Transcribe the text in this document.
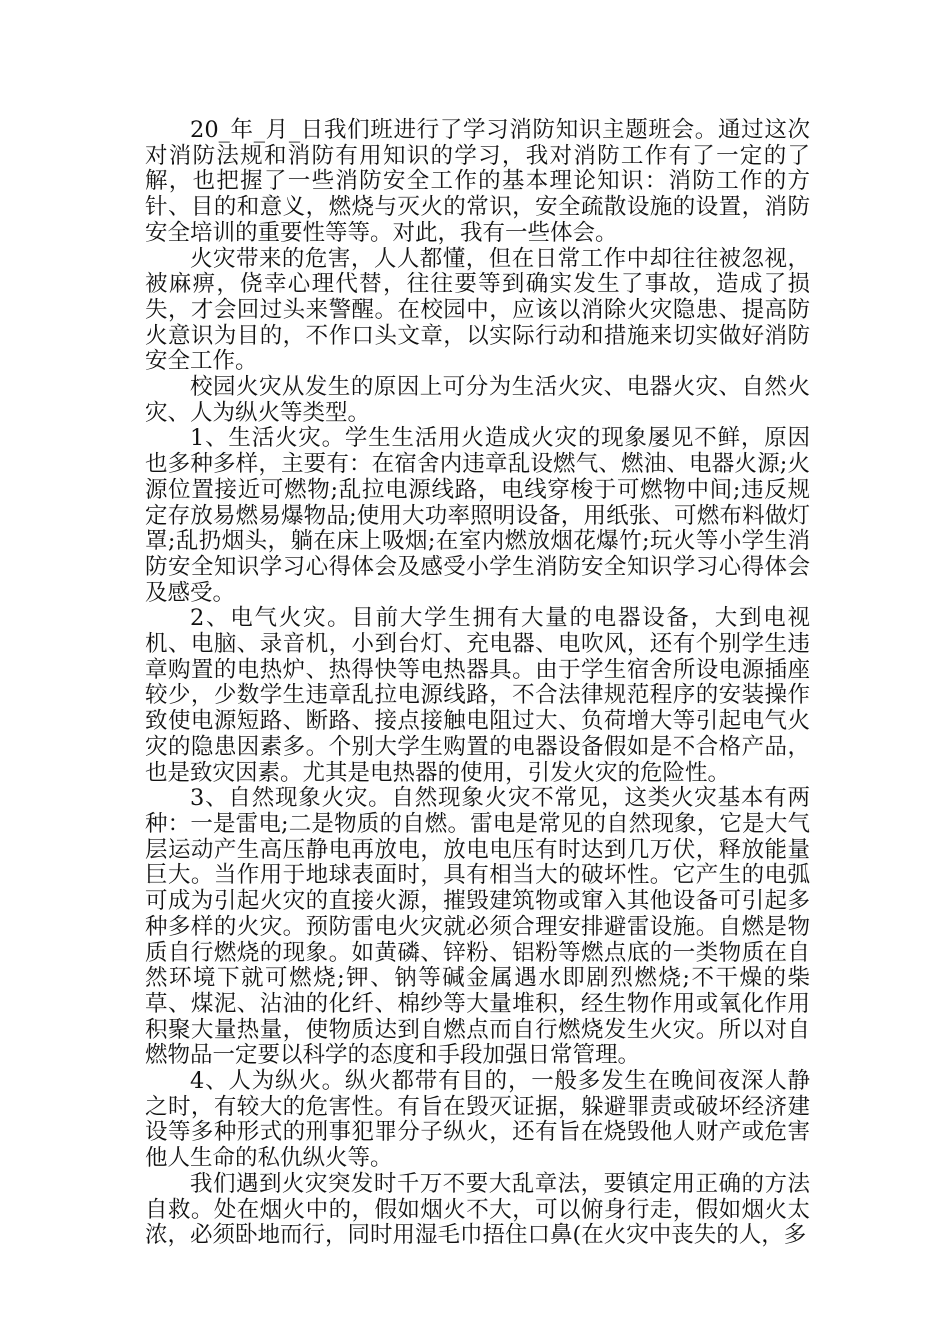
20_年_月_日我们班进行了学习消防知识主题班会。通过这次对消防法规和消防有用知识的学习，我对消防工作有了一定的了解，也把握了一些消防安全工作的基本理论知识：消防工作的方针、目的和意义，燃烧与灭火的常识，安全疏散设施的设置，消防安全培训的重要性等等。对此，我有一些体会。

火灾带来的危害，人人都懂，但在日常工作中却往往被忽视，被麻痹，侥幸心理代替，往往要等到确实发生了事故，造成了损失，才会回过头来警醒。在校园中，应该以消除火灾隐患、提高防火意识为目的，不作口头文章，以实际行动和措施来切实做好消防安全工作。

校园火灾从发生的原因上可分为生活火灾、电器火灾、自然火灾、人为纵火等类型。

1、生活火灾。学生生活用火造成火灾的现象屡见不鲜，原因也多种多样，主要有：在宿舍内违章乱设燃气、燃油、电器火源;火源位置接近可燃物;乱拉电源线路，电线穿梭于可燃物中间;违反规定存放易燃易爆物品;使用大功率照明设备，用纸张、可燃布料做灯罩;乱扔烟头，躺在床上吸烟;在室内燃放烟花爆竹;玩火等小学生消防安全知识学习心得体会及感受小学生消防安全知识学习心得体会及感受。

2、电气火灾。目前大学生拥有大量的电器设备，大到电视机、电脑、录音机，小到台灯、充电器、电吹风，还有个别学生违章购置的电热炉、热得快等电热器具。由于学生宿舍所设电源插座较少，少数学生违章乱拉电源线路，不合法律规范程序的安装操作致使电源短路、断路、接点接触电阻过大、负荷增大等引起电气火灾的隐患因素多。个别大学生购置的电器设备假如是不合格产品，也是致灾因素。尤其是电热器的使用，引发火灾的危险性。

3、自然现象火灾。自然现象火灾不常见，这类火灾基本有两种：一是雷电;二是物质的自燃。雷电是常见的自然现象，它是大气层运动产生高压静电再放电，放电电压有时达到几万伏，释放能量巨大。当作用于地球表面时，具有相当大的破坏性。它产生的电弧可成为引起火灾的直接火源，摧毁建筑物或窜入其他设备可引起多种多样的火灾。预防雷电火灾就必须合理安排避雷设施。自燃是物质自行燃烧的现象。如黄磷、锌粉、铝粉等燃点底的一类物质在自然环境下就可燃烧;钾、钠等碱金属遇水即剧烈燃烧;不干燥的柴草、煤泥、沾油的化纤、棉纱等大量堆积，经生物作用或氧化作用积聚大量热量，使物质达到自燃点而自行燃烧发生火灾。所以对自燃物品一定要以科学的态度和手段加强日常管理。

4、人为纵火。纵火都带有目的，一般多发生在晚间夜深人静之时，有较大的危害性。有旨在毁灭证据，躲避罪责或破坏经济建设等多种形式的刑事犯罪分子纵火，还有旨在烧毁他人财产或危害他人生命的私仇纵火等。

我们遇到火灾突发时千万不要大乱章法，要镇定用正确的方法自救。处在烟火中的，假如烟火不大，可以俯身行走，假如烟火太浓，必须卧地而行，同时用湿毛巾捂住口鼻(在火灾中丧失的人，多
